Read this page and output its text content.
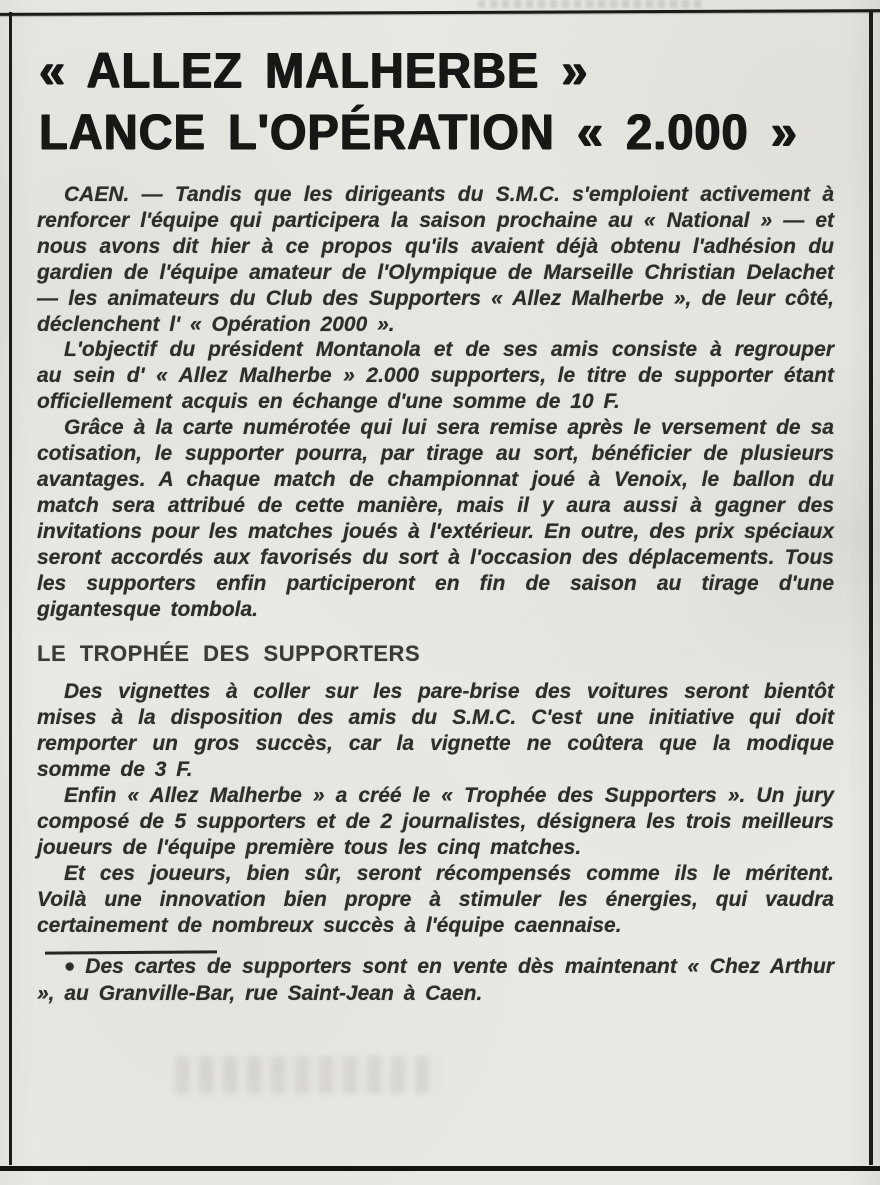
« ALLEZ MALHERBE »
LANCE L'OPÉRATION « 2.000 »

CAEN. — Tandis que les dirigeants du S.M.C. s'emploient activement à renforcer l'équipe qui participera la saison prochaine au « National » — et nous avons dit hier à ce propos qu'ils avaient déjà obtenu l'adhésion du gardien de l'équipe amateur de l'Olympique de Marseille Christian Delachet — les animateurs du Club des Supporters « Allez Malherbe », de leur côté, déclenchent l' « Opération 2000 ».

L'objectif du président Montanola et de ses amis consiste à regrouper au sein d' « Allez Malherbe » 2.000 supporters, le titre de supporter étant officiellement acquis en échange d'une somme de 10 F.

Grâce à la carte numérotée qui lui sera remise après le versement de sa cotisation, le supporter pourra, par tirage au sort, bénéficier de plusieurs avantages. A chaque match de championnat joué à Venoix, le ballon du match sera attribué de cette manière, mais il y aura aussi à gagner des invitations pour les matches joués à l'extérieur. En outre, des prix spéciaux seront accordés aux favorisés du sort à l'occasion des déplacements. Tous les supporters enfin participeront en fin de saison au tirage d'une gigantesque tombola.

LE TROPHÉE DES SUPPORTERS

Des vignettes à coller sur les pare-brise des voitures seront bientôt mises à la disposition des amis du S.M.C. C'est une initiative qui doit remporter un gros succès, car la vignette ne coûtera que la modique somme de 3 F.

Enfin « Allez Malherbe » a créé le « Trophée des Supporters ». Un jury composé de 5 supporters et de 2 journalistes, désignera les trois meilleurs joueurs de l'équipe première tous les cinq matches.

Et ces joueurs, bien sûr, seront récompensés comme ils le méritent. Voilà une innovation bien propre à stimuler les énergies, qui vaudra certainement de nombreux succès à l'équipe caennaise.

● Des cartes de supporters sont en vente dès maintenant « Chez Arthur », au Granville-Bar, rue Saint-Jean à Caen.
